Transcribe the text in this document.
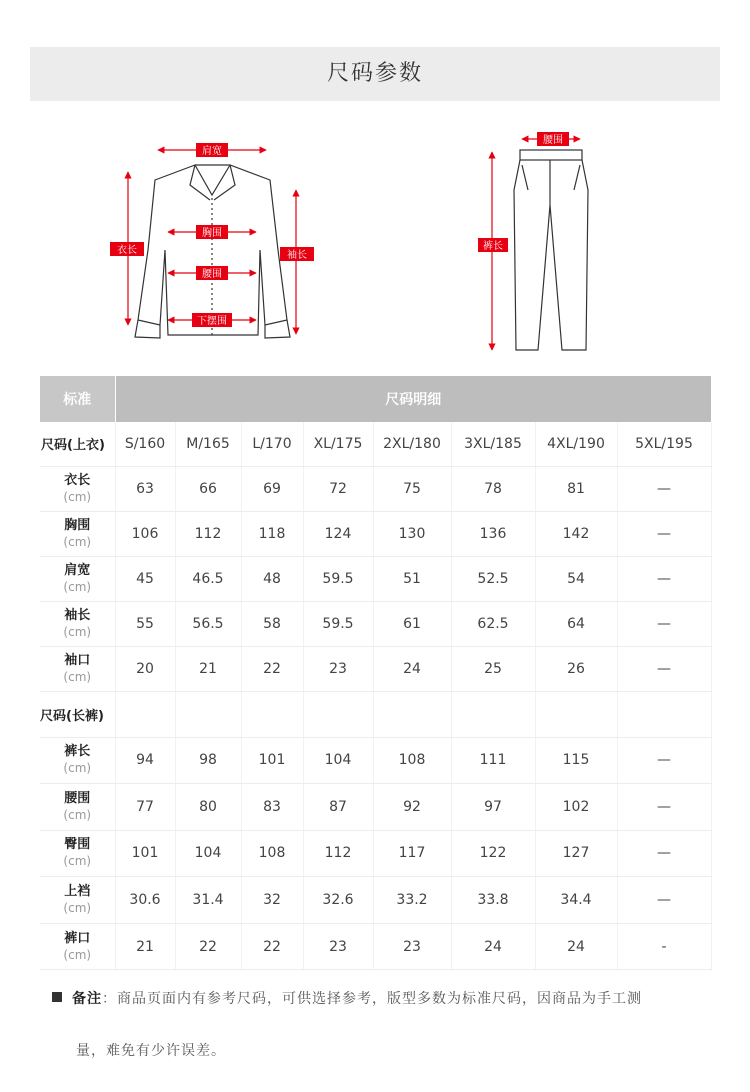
尺码参数
肩宽
衣长	袖长
胸围
腰围
下摆围
腰围
裤长
标准	尺码明细							
尺码(上衣)	S/160	M/165	L/170	XL/175	2XL/180	3XL/185	4XL/190	5XL/195
衣长
(cm)	63	66	69	72	75	78	81	—
胸围
(cm)	106	112	118	124	130	136	142	—
肩宽
(cm)	45	46.5	48	59.5	51	52.5	54	—
袖长
(cm)	55	56.5	58	59.5	61	62.5	64	—
袖口
(cm)	20	21	22	23	24	25	26	—
尺码(长裤)								
裤长
(cm)	94	98	101	104	108	111	115	—
腰围
(cm)	77	80	83	87	92	97	102	—
臀围
(cm)	101	104	108	112	117	122	127	—
上裆
(cm)	30.6	31.4	32	32.6	33.2	33.8	34.4	—
裤口
(cm)	21	22	22	23	23	24	24	-
备注：商品页面内有参考尺码，可供选择参考，版型多数为标准尺码，因商品为手工测
量，难免有少许误差。
